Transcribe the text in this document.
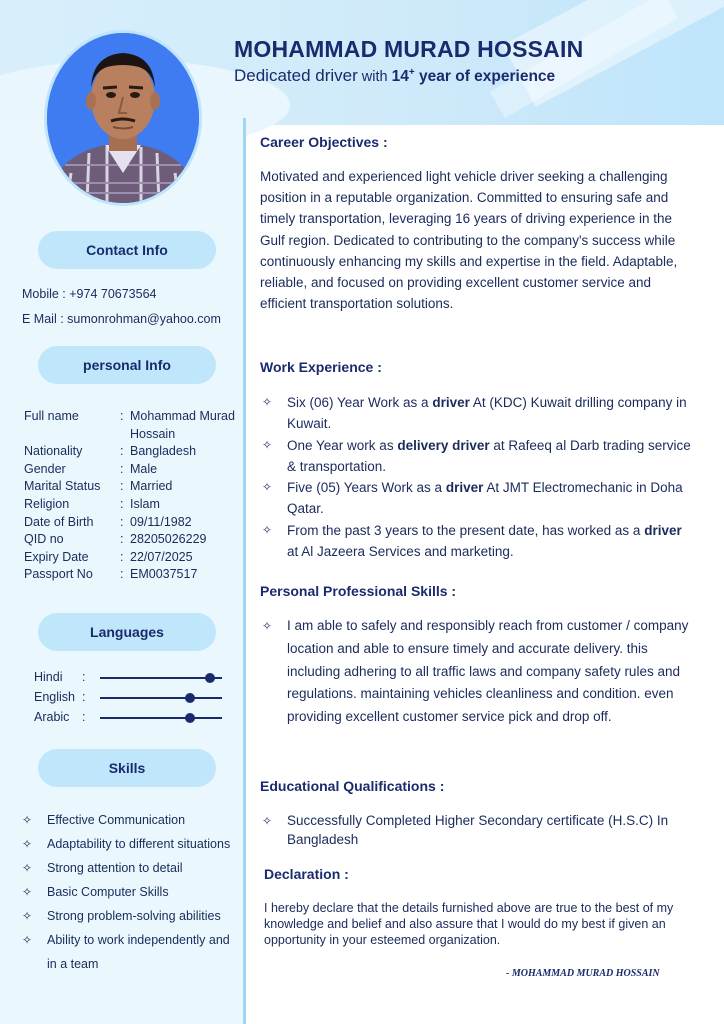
MOHAMMAD MURAD HOSSAIN

Dedicated driver with 14+ year of experience

Contact Info
Mobile : +974 70673564
E Mail : sumonrohman@yahoo.com
personal Info
Full name	:	Mohammad Murad Hossain
Nationality	:	Bangladesh
Gender	:	Male
Marital Status	:	Married
Religion	:	Islam
Date of Birth	:	09/11/1982
QID no	:	28205026229
Expiry Date	:	22/07/2025
Passport No	:	EM0037517
Languages
Hindi :
English :
Arabic :
Skills
✧ Effective Communication
✧ Adaptability to different situations
✧ Strong attention to detail
✧ Basic Computer Skills
✧ Strong problem-solving abilities
✧ Ability to work independently and in a team
Career Objectives :

Motivated and experienced light vehicle driver seeking a challenging position in a reputable organization. Committed to ensuring safe and timely transportation, leveraging 16 years of driving experience in the Gulf region. Dedicated to contributing to the company's success while continuously enhancing my skills and expertise in the field. Adaptable, reliable, and focused on providing excellent customer service and efficient transportation solutions.

Work Experience :
✧ Six (06) Year Work as a driver At (KDC) Kuwait drilling company in Kuwait.
✧ One Year work as delivery driver at Rafeeq al Darb trading service & transportation.
✧ Five (05) Years Work as a driver At JMT Electromechanic in Doha Qatar.
✧ From the past 3 years to the present date, has worked as a driver at Al Jazeera Services and marketing.
Personal Professional Skills :
✧ I am able to safely and responsibly reach from customer / company location and able to ensure timely and accurate delivery. this including adhering to all traffic laws and company safety rules and regulations. maintaining vehicles cleanliness and condition. even providing excellent customer service pick and drop off.
Educational Qualifications :
✧ Successfully Completed Higher Secondary certificate (H.S.C) In Bangladesh
Declaration :

I hereby declare that the details furnished above are true to the best of my knowledge and belief and also assure that I would do my best if given an opportunity in your esteemed organization.

- MOHAMMAD MURAD HOSSAIN
